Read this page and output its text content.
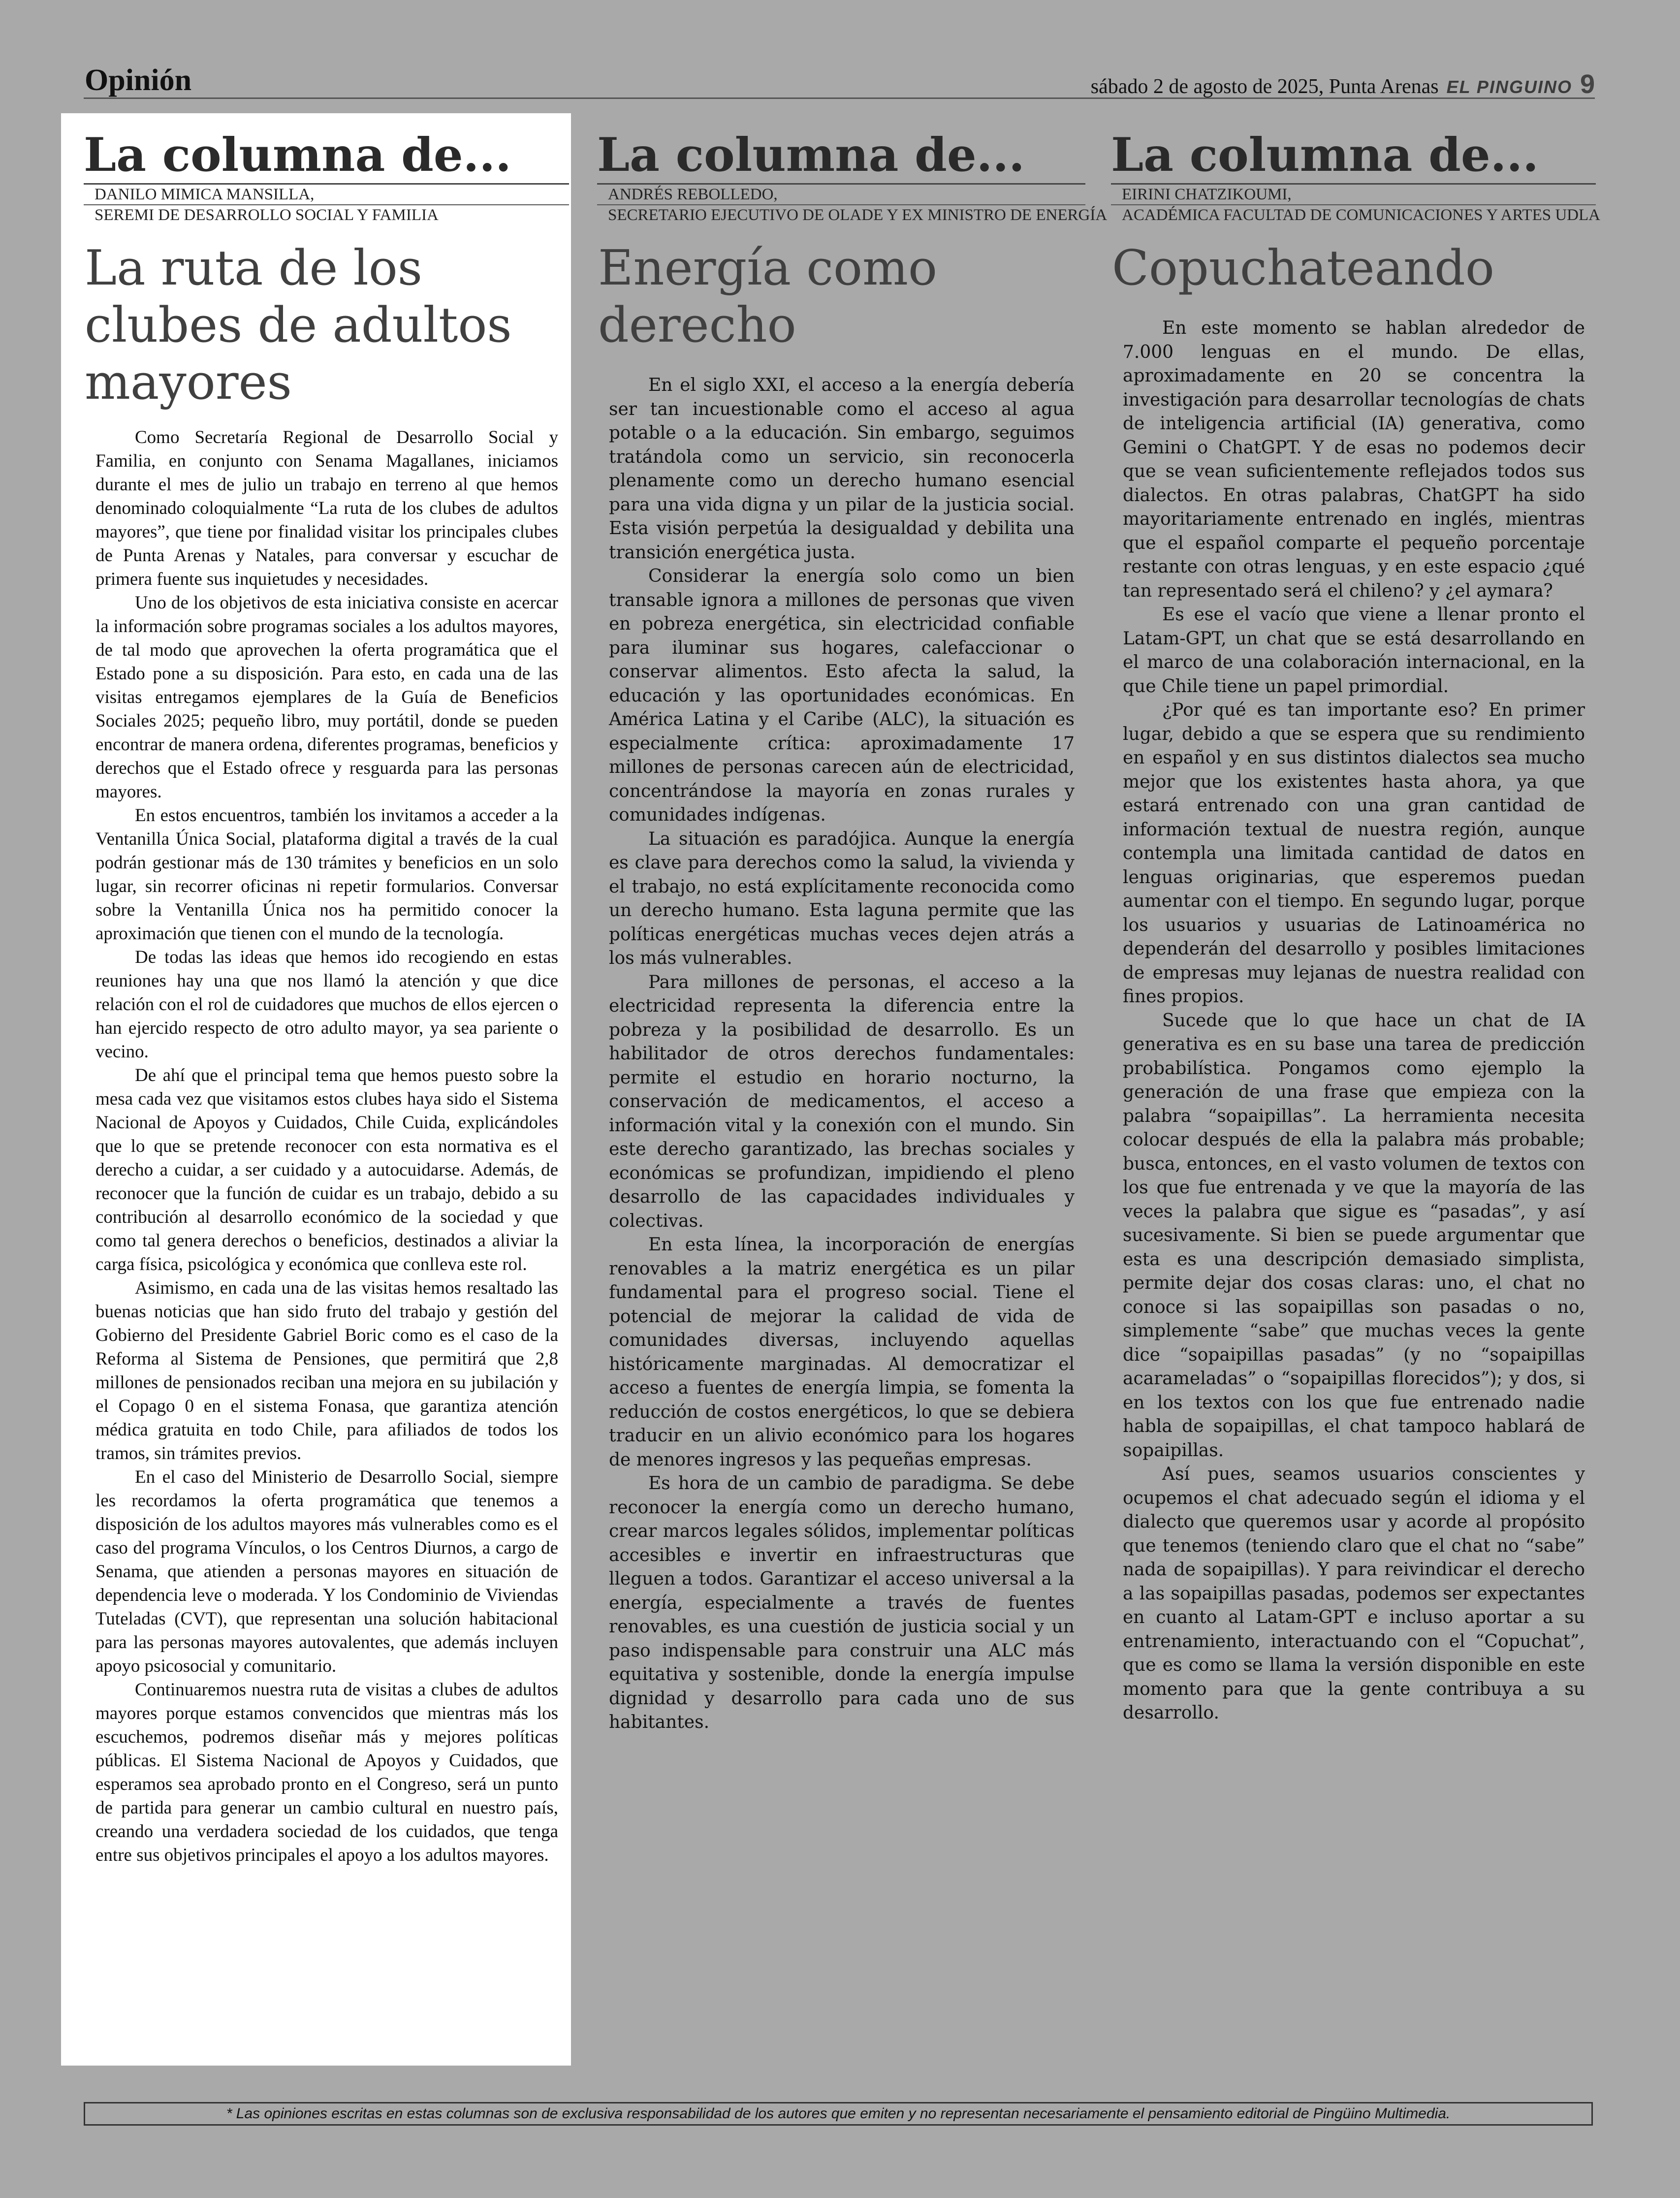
Opinión	sábado 2 de agosto de 2025, Punta Arenas EL PINGUINO 9
La columna de...
DANILO MIMICA MANSILLA,
SEREMI DE DESARROLLO SOCIAL Y FAMILIA
La ruta de los clubes de adultos mayores

Como Secretaría Regional de Desarrollo Social y Familia, en conjunto con Senama Magallanes, iniciamos durante el mes de julio un trabajo en terreno al que hemos denominado coloquialmente “La ruta de los clubes de adultos mayores”, que tiene por finalidad visitar los principales clubes de Punta Arenas y Natales, para conversar y escuchar de primera fuente sus inquietudes y necesidades.

Uno de los objetivos de esta iniciativa consiste en acercar la información sobre programas sociales a los adultos mayores, de tal modo que aprovechen la oferta programática que el Estado pone a su disposición. Para esto, en cada una de las visitas entregamos ejemplares de la Guía de Beneficios Sociales 2025; pequeño libro, muy portátil, donde se pueden encontrar de manera ordena, diferentes programas, beneficios y derechos que el Estado ofrece y resguarda para las personas mayores.

En estos encuentros, también los invitamos a acceder a la Ventanilla Única Social, plataforma digital a través de la cual podrán gestionar más de 130 trámites y beneficios en un solo lugar, sin recorrer oficinas ni repetir formularios. Conversar sobre la Ventanilla Única nos ha permitido conocer la aproximación que tienen con el mundo de la tecnología.

De todas las ideas que hemos ido recogiendo en estas reuniones hay una que nos llamó la atención y que dice relación con el rol de cuidadores que muchos de ellos ejercen o han ejercido respecto de otro adulto mayor, ya sea pariente o vecino.

De ahí que el principal tema que hemos puesto sobre la mesa cada vez que visitamos estos clubes haya sido el Sistema Nacional de Apoyos y Cuidados, Chile Cuida, explicándoles que lo que se pretende reconocer con esta normativa es el derecho a cuidar, a ser cuidado y a autocuidarse. Además, de reconocer que la función de cuidar es un trabajo, debido a su contribución al desarrollo económico de la sociedad y que como tal genera derechos o beneficios, destinados a aliviar la carga física, psicológica y económica que conlleva este rol.

Asimismo, en cada una de las visitas hemos resaltado las buenas noticias que han sido fruto del trabajo y gestión del Gobierno del Presidente Gabriel Boric como es el caso de la Reforma al Sistema de Pensiones, que permitirá que 2,8 millones de pensionados reciban una mejora en su jubilación y el Copago 0 en el sistema Fonasa, que garantiza atención médica gratuita en todo Chile, para afiliados de todos los tramos, sin trámites previos.

En el caso del Ministerio de Desarrollo Social, siempre les recordamos la oferta programática que tenemos a disposición de los adultos mayores más vulnerables como es el caso del programa Vínculos, o los Centros Diurnos, a cargo de Senama, que atienden a personas mayores en situación de dependencia leve o moderada. Y los Condominio de Viviendas Tuteladas (CVT), que representan una solución habitacional para las personas mayores autovalentes, que además incluyen apoyo psicosocial y comunitario.

Continuaremos nuestra ruta de visitas a clubes de adultos mayores porque estamos convencidos que mientras más los escuchemos, podremos diseñar más y mejores políticas públicas. El Sistema Nacional de Apoyos y Cuidados, que esperamos sea aprobado pronto en el Congreso, será un punto de partida para generar un cambio cultural en nuestro país, creando una verdadera sociedad de los cuidados, que tenga entre sus objetivos principales el apoyo a los adultos mayores.

La columna de...
ANDRÉS REBOLLEDO,
SECRETARIO EJECUTIVO DE OLADE Y EX MINISTRO DE ENERGÍA
Energía como derecho

En el siglo XXI, el acceso a la energía debería ser tan incuestionable como el acceso al agua potable o a la educación. Sin embargo, seguimos tratándola como un servicio, sin reconocerla plenamente como un derecho humano esencial para una vida digna y un pilar de la justicia social. Esta visión perpetúa la desigualdad y debilita una transición energética justa.

Considerar la energía solo como un bien transable ignora a millones de personas que viven en pobreza energética, sin electricidad confiable para iluminar sus hogares, calefaccionar o conservar alimentos. Esto afecta la salud, la educación y las oportunidades económicas. En América Latina y el Caribe (ALC), la situación es especialmente crítica: aproximadamente 17 millones de personas carecen aún de electricidad, concentrándose la mayoría en zonas rurales y comunidades indígenas.

La situación es paradójica. Aunque la energía es clave para derechos como la salud, la vivienda y el trabajo, no está explícitamente reconocida como un derecho humano. Esta laguna permite que las políticas energéticas muchas veces dejen atrás a los más vulnerables.

Para millones de personas, el acceso a la electricidad representa la diferencia entre la pobreza y la posibilidad de desarrollo. Es un habilitador de otros derechos fundamentales: permite el estudio en horario nocturno, la conservación de medicamentos, el acceso a información vital y la conexión con el mundo. Sin este derecho garantizado, las brechas sociales y económicas se profundizan, impidiendo el pleno desarrollo de las capacidades individuales y colectivas.

En esta línea, la incorporación de energías renovables a la matriz energética es un pilar fundamental para el progreso social. Tiene el potencial de mejorar la calidad de vida de comunidades diversas, incluyendo aquellas históricamente marginadas. Al democratizar el acceso a fuentes de energía limpia, se fomenta la reducción de costos energéticos, lo que se debiera traducir en un alivio económico para los hogares de menores ingresos y las pequeñas empresas.

Es hora de un cambio de paradigma. Se debe reconocer la energía como un derecho humano, crear marcos legales sólidos, implementar políticas accesibles e invertir en infraestructuras que lleguen a todos. Garantizar el acceso universal a la energía, especialmente a través de fuentes renovables, es una cuestión de justicia social y un paso indispensable para construir una ALC más equitativa y sostenible, donde la energía impulse dignidad y desarrollo para cada uno de sus habitantes.

La columna de...
EIRINI CHATZIKOUMI,
ACADÉMICA FACULTAD DE COMUNICACIONES Y ARTES UDLA
Copuchateando

En este momento se hablan alrededor de 7.000 lenguas en el mundo. De ellas, aproximadamente en 20 se concentra la investigación para desarrollar tecnologías de chats de inteligencia artificial (IA) generativa, como Gemini o ChatGPT. Y de esas no podemos decir que se vean suficientemente reflejados todos sus dialectos. En otras palabras, ChatGPT ha sido mayoritariamente entrenado en inglés, mientras que el español comparte el pequeño porcentaje restante con otras lenguas, y en este espacio ¿qué tan representado será el chileno? y ¿el aymara?

Es ese el vacío que viene a llenar pronto el Latam-GPT, un chat que se está desarrollando en el marco de una colaboración internacional, en la que Chile tiene un papel primordial.

¿Por qué es tan importante eso? En primer lugar, debido a que se espera que su rendimiento en español y en sus distintos dialectos sea mucho mejor que los existentes hasta ahora, ya que estará entrenado con una gran cantidad de información textual de nuestra región, aunque contempla una limitada cantidad de datos en lenguas originarias, que esperemos puedan aumentar con el tiempo. En segundo lugar, porque los usuarios y usuarias de Latinoamérica no dependerán del desarrollo y posibles limitaciones de empresas muy lejanas de nuestra realidad con fines propios.

Sucede que lo que hace un chat de IA generativa es en su base una tarea de predicción probabilística. Pongamos como ejemplo la generación de una frase que empieza con la palabra “sopaipillas”. La herramienta necesita colocar después de ella la palabra más probable; busca, entonces, en el vasto volumen de textos con los que fue entrenada y ve que la mayoría de las veces la palabra que sigue es “pasadas”, y así sucesivamente. Si bien se puede argumentar que esta es una descripción demasiado simplista, permite dejar dos cosas claras: uno, el chat no conoce si las sopaipillas son pasadas o no, simplemente “sabe” que muchas veces la gente dice “sopaipillas pasadas” (y no “sopaipillas acarameladas” o “sopaipillas florecidos”); y dos, si en los textos con los que fue entrenado nadie habla de sopaipillas, el chat tampoco hablará de sopaipillas.

Así pues, seamos usuarios conscientes y ocupemos el chat adecuado según el idioma y el dialecto que queremos usar y acorde al propósito que tenemos (teniendo claro que el chat no “sabe” nada de sopaipillas). Y para reivindicar el derecho a las sopaipillas pasadas, podemos ser expectantes en cuanto al Latam-GPT e incluso aportar a su entrenamiento, interactuando con el “Copuchat”, que es como se llama la versión disponible en este momento para que la gente contribuya a su desarrollo.

* Las opiniones escritas en estas columnas son de exclusiva responsabilidad de los autores que emiten y no representan necesariamente el pensamiento editorial de Pingüino Multimedia.
